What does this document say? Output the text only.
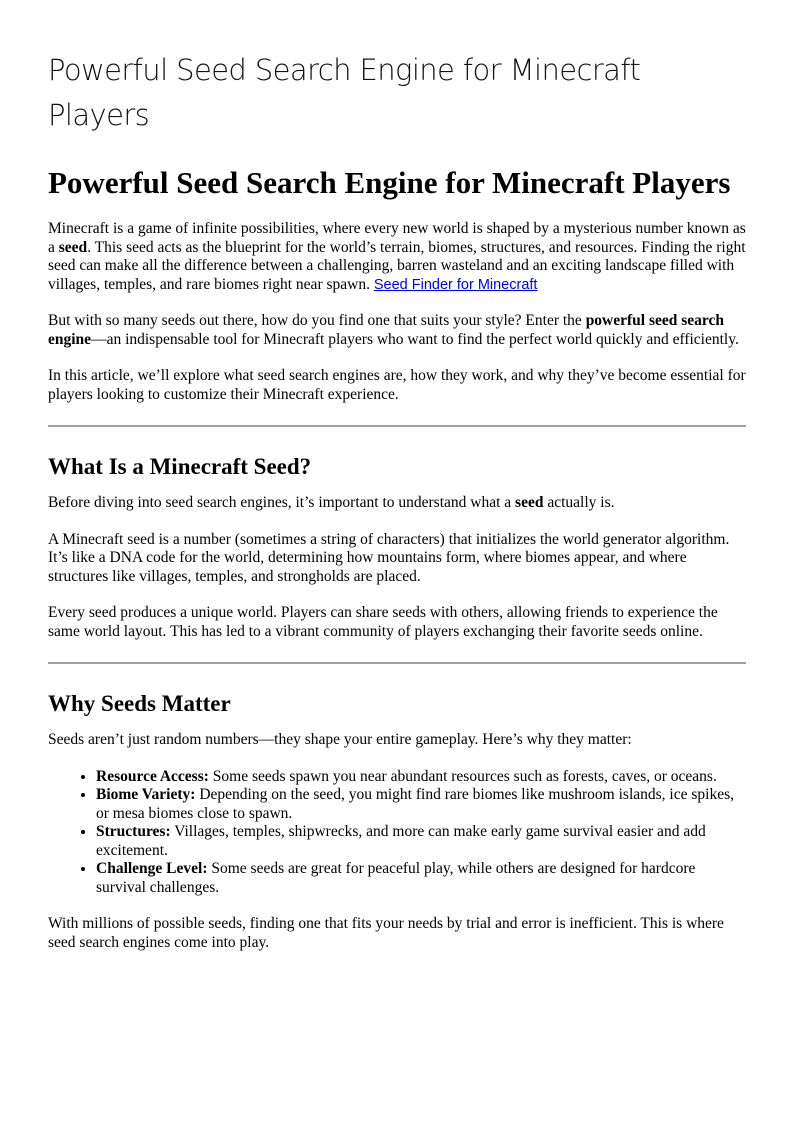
Powerful Seed Search Engine for Minecraft Players
Powerful Seed Search Engine for Minecraft Players

Minecraft is a game of infinite possibilities, where every new world is shaped by a mysterious number known as a seed. This seed acts as the blueprint for the world’s terrain, biomes, structures, and resources. Finding the right seed can make all the difference between a challenging, barren wasteland and an exciting landscape filled with villages, temples, and rare biomes right near spawn. Seed Finder for Minecraft

But with so many seeds out there, how do you find one that suits your style? Enter the powerful seed search engine—an indispensable tool for Minecraft players who want to find the perfect world quickly and efficiently.

In this article, we’ll explore what seed search engines are, how they work, and why they’ve become essential for players looking to customize their Minecraft experience.

What Is a Minecraft Seed?

Before diving into seed search engines, it’s important to understand what a seed actually is.

A Minecraft seed is a number (sometimes a string of characters) that initializes the world generator algorithm. It’s like a DNA code for the world, determining how mountains form, where biomes appear, and where structures like villages, temples, and strongholds are placed.

Every seed produces a unique world. Players can share seeds with others, allowing friends to experience the same world layout. This has led to a vibrant community of players exchanging their favorite seeds online.

Why Seeds Matter

Seeds aren’t just random numbers—they shape your entire gameplay. Here’s why they matter:

• Resource Access: Some seeds spawn you near abundant resources such as forests, caves, or oceans.
• Biome Variety: Depending on the seed, you might find rare biomes like mushroom islands, ice spikes, or mesa biomes close to spawn.
• Structures: Villages, temples, shipwrecks, and more can make early game survival easier and add excitement.
• Challenge Level: Some seeds are great for peaceful play, while others are designed for hardcore survival challenges.

With millions of possible seeds, finding one that fits your needs by trial and error is inefficient. This is where seed search engines come into play.
